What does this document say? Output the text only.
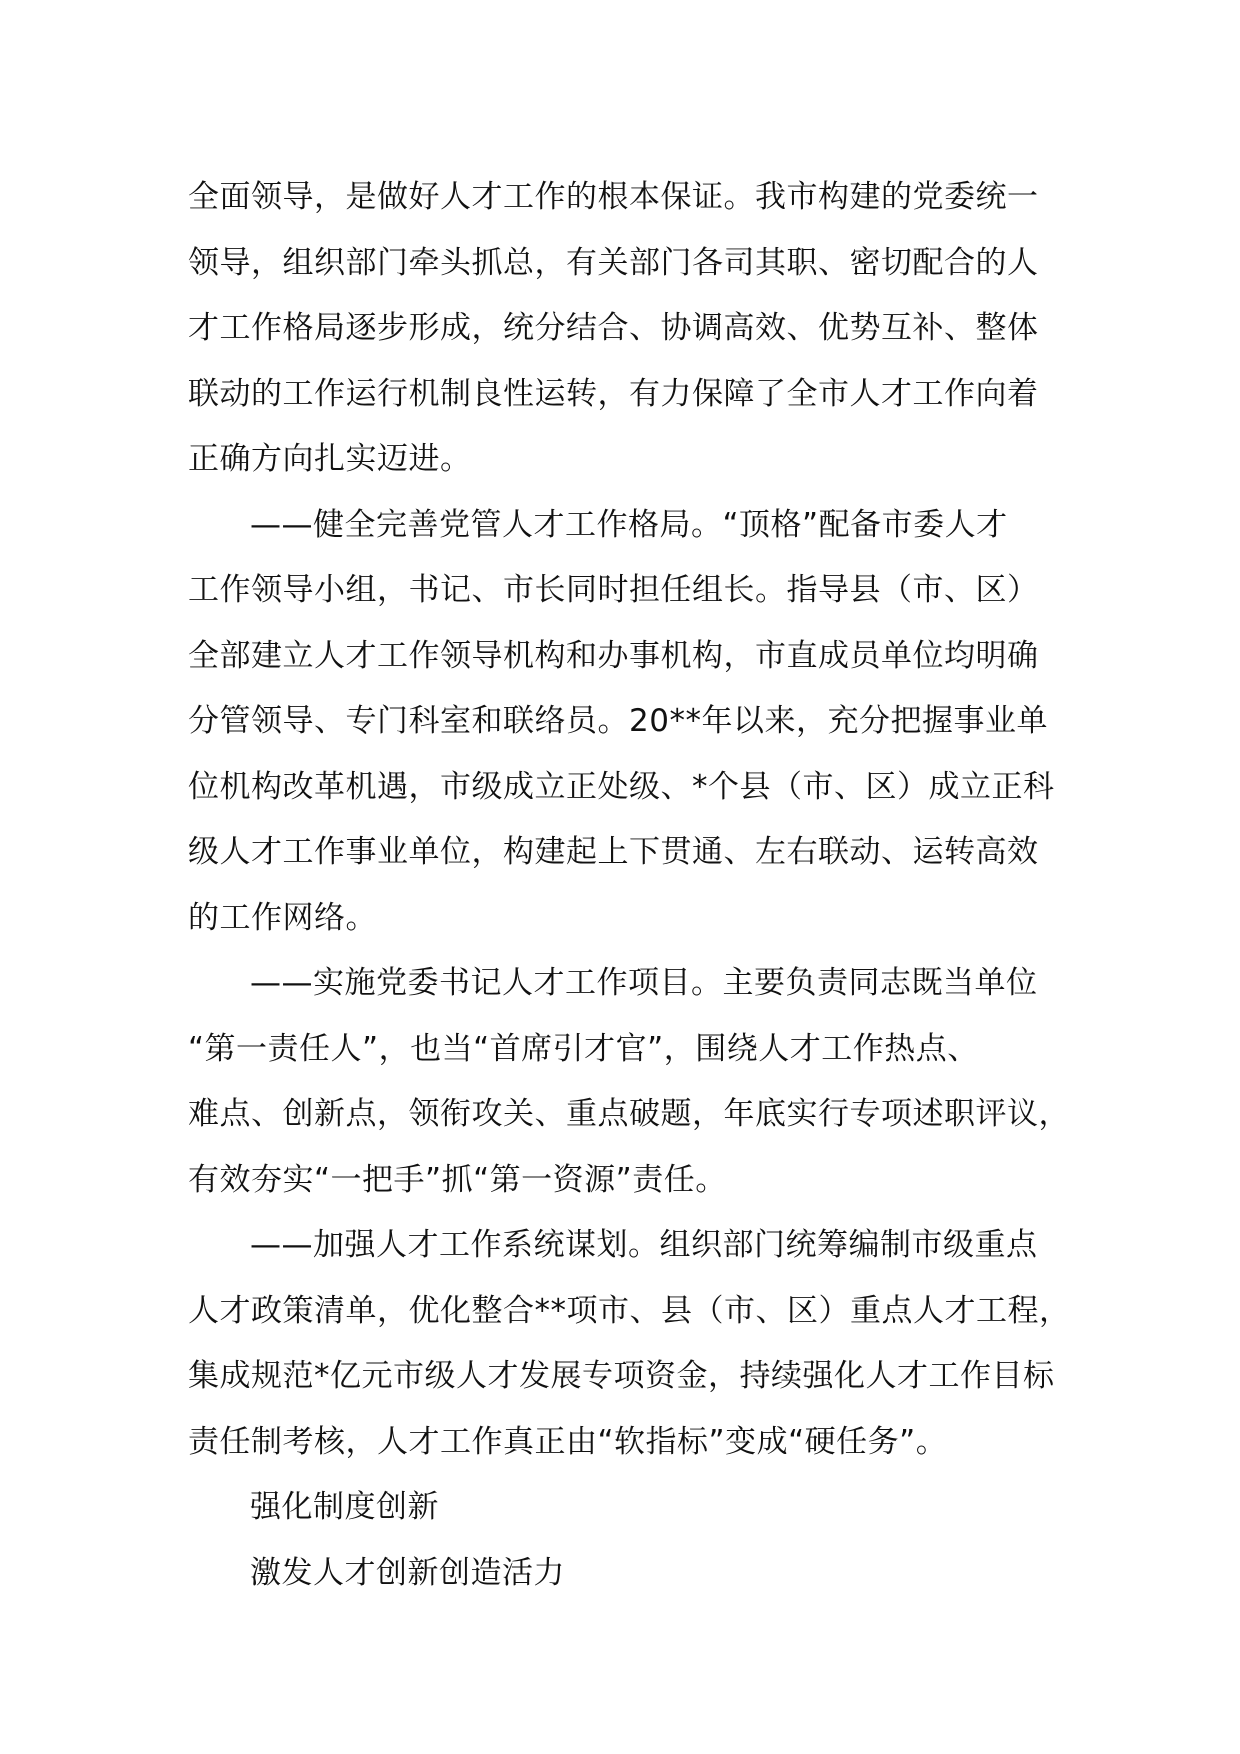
全面领导，是做好人才工作的根本保证。我市构建的党委统一
领导，组织部门牵头抓总，有关部门各司其职、密切配合的人
才工作格局逐步形成，统分结合、协调高效、优势互补、整体
联动的工作运行机制良性运转，有力保障了全市人才工作向着
正确方向扎实迈进。
——健全完善党管人才工作格局。“顶格”配备市委人才
工作领导小组，书记、市长同时担任组长。指导县（市、区）
全部建立人才工作领导机构和办事机构，市直成员单位均明确
分管领导、专门科室和联络员。20**年以来，充分把握事业单
位机构改革机遇，市级成立正处级、*个县（市、区）成立正科
级人才工作事业单位，构建起上下贯通、左右联动、运转高效
的工作网络。
——实施党委书记人才工作项目。主要负责同志既当单位
“第一责任人”，也当“首席引才官”，围绕人才工作热点、
难点、创新点，领衔攻关、重点破题，年底实行专项述职评议，
有效夯实“一把手”抓“第一资源”责任。
——加强人才工作系统谋划。组织部门统筹编制市级重点
人才政策清单，优化整合**项市、县（市、区）重点人才工程，
集成规范*亿元市级人才发展专项资金，持续强化人才工作目标
责任制考核，人才工作真正由“软指标”变成“硬任务”。
强化制度创新
激发人才创新创造活力
